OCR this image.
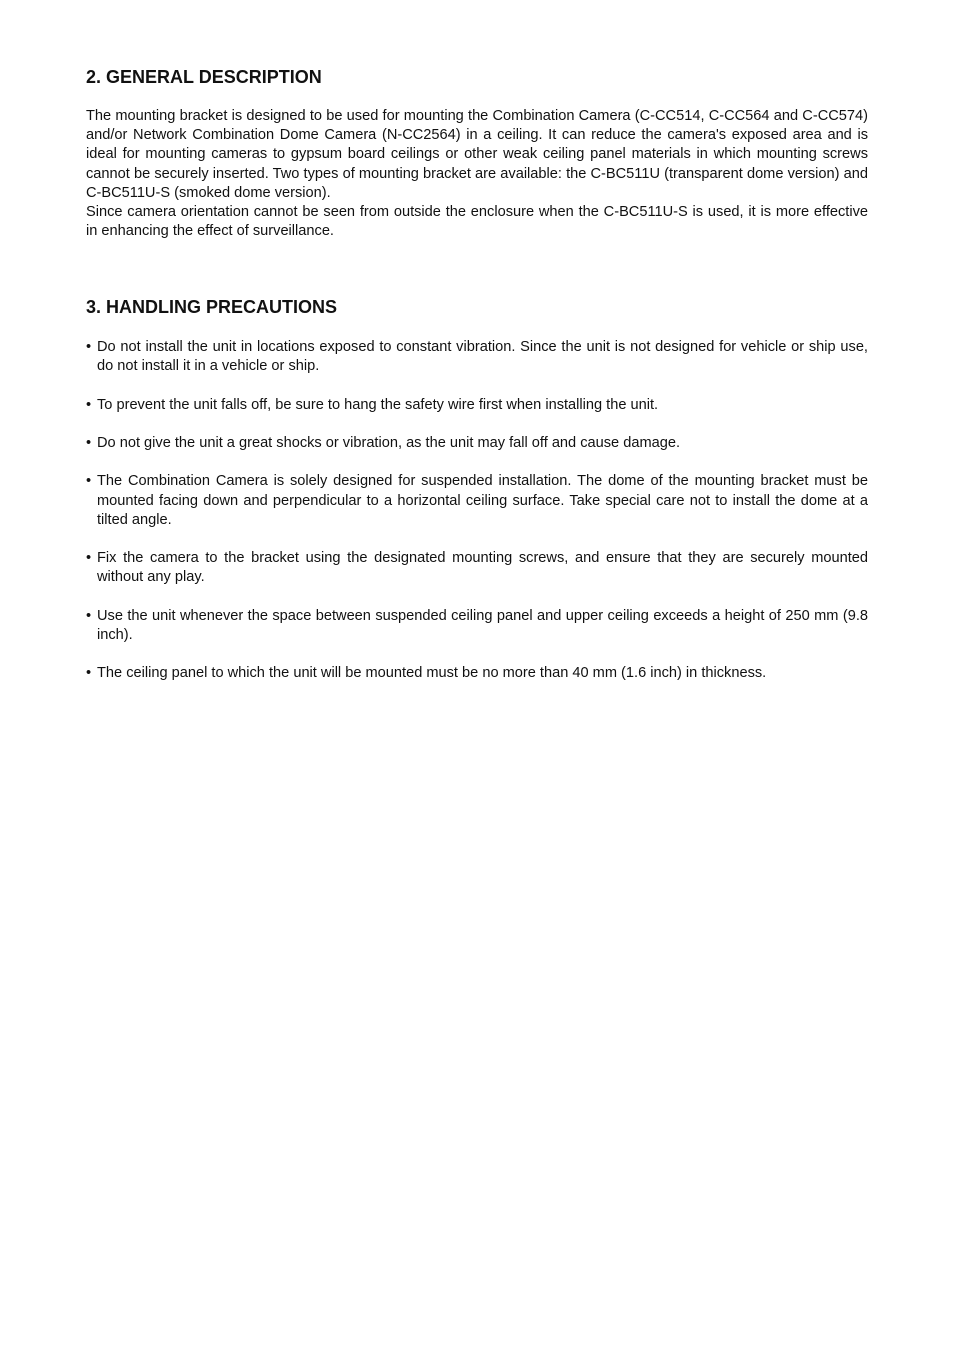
2. GENERAL DESCRIPTION

The mounting bracket is designed to be used for mounting the Combination Camera (C-CC514, C-CC564 and C-CC574) and/or Network Combination Dome Camera (N-CC2564) in a ceiling. It can reduce the camera's exposed area and is ideal for mounting cameras to gypsum board ceilings or other weak ceiling panel materials in which mounting screws cannot be securely inserted. Two types of mounting bracket are available: the C-BC511U (transparent dome version) and C-BC511U-S (smoked dome version).

Since camera orientation cannot be seen from outside the enclosure when the C-BC511U-S is used, it is more effective in enhancing the effect of surveillance.

3. HANDLING PRECAUTIONS
• Do not install the unit in locations exposed to constant vibration. Since the unit is not designed for vehicle or ship use, do not install it in a vehicle or ship.
• To prevent the unit falls off, be sure to hang the safety wire first when installing the unit.
• Do not give the unit a great shocks or vibration, as the unit may fall off and cause damage.
• The Combination Camera is solely designed for suspended installation. The dome of the mounting bracket must be mounted facing down and perpendicular to a horizontal ceiling surface. Take special care not to install the dome at a tilted angle.
• Fix the camera to the bracket using the designated mounting screws, and ensure that they are securely mounted without any play.
• Use the unit whenever the space between suspended ceiling panel and upper ceiling exceeds a height of 250 mm (9.8 inch).
• The ceiling panel to which the unit will be mounted must be no more than 40 mm (1.6 inch) in thickness.
